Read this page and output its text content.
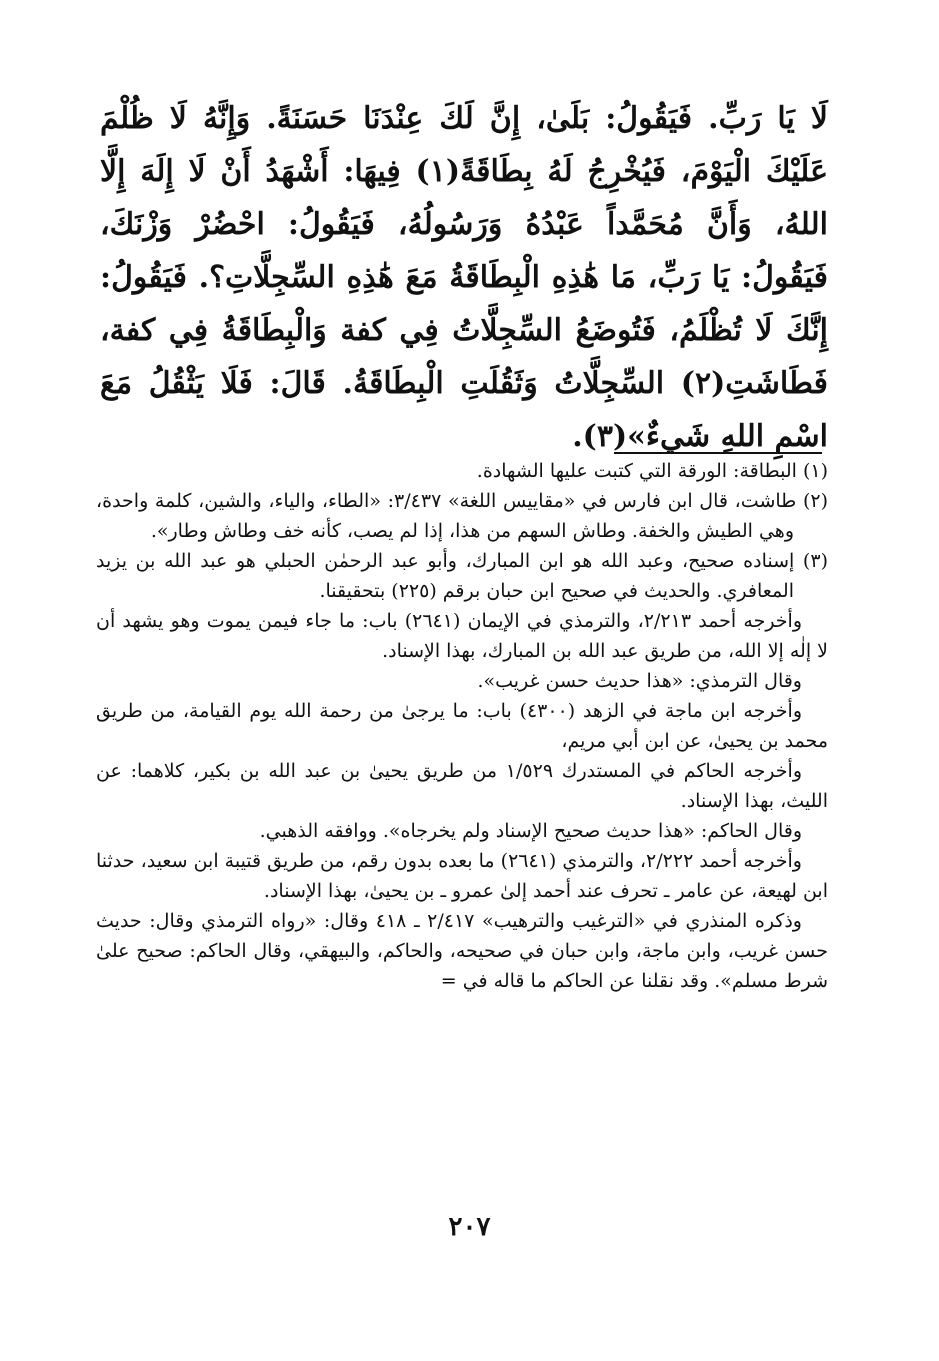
لَا يَا رَبِّ. فَيَقُولُ: بَلَىٰ، إِنَّ لَكَ عِنْدَنَا حَسَنَةً. وَإِنَّهُ لَا ظُلْمَ عَلَيْكَ الْيَوْمَ، فَيُخْرِجُ لَهُ بِطَاقَةً(١) فِيهَا: أَشْهَدُ أَنْ لَا إِلَهَ إِلَّا اللهُ، وَأَنَّ مُحَمَّداً عَبْدُهُ وَرَسُولُهُ، فَيَقُولُ: احْضُرْ وَزْنَكَ، فَيَقُولُ: يَا رَبِّ، مَا هَٰذِهِ الْبِطَاقَةُ مَعَ هَٰذِهِ السِّجِلَّاتِ؟. فَيَقُولُ: إِنَّكَ لَا تُظْلَمُ، فَتُوضَعُ السِّجِلَّاتُ فِي كفة وَالْبِطَاقَةُ فِي كفة، فَطَاشَتِ(٢) السِّجِلَّاتُ وَثَقُلَتِ الْبِطَاقَةُ. قَالَ: فَلَا يَثْقُلُ مَعَ اسْمِ اللهِ شَيءٌ»(٣).

(١) البطاقة: الورقة التي كتبت عليها الشهادة.

(٢) طاشت، قال ابن فارس في «مقاييس اللغة» ٣/٤٣٧: «الطاء، والياء، والشين، كلمة واحدة، وهي الطيش والخفة. وطاش السهم من هذا، إذا لم يصب، كأنه خف وطاش وطار».

(٣) إسناده صحيح، وعبد الله هو ابن المبارك، وأبو عبد الرحمٰن الحبلي هو عبد الله بن يزيد المعافري. والحديث في صحيح ابن حبان برقم (٢٢٥) بتحقيقنا.

وأخرجه أحمد ٢/٢١٣، والترمذي في الإيمان (٢٦٤١) باب: ما جاء فيمن يموت وهو يشهد أن لا إلٰه إلا الله، من طريق عبد الله بن المبارك، بهذا الإسناد.

وقال الترمذي: «هذا حديث حسن غريب».

وأخرجه ابن ماجة في الزهد (٤٣٠٠) باب: ما يرجىٰ من رحمة الله يوم القيامة، من طريق محمد بن يحيىٰ، عن ابن أبي مريم،

وأخرجه الحاكم في المستدرك ١/٥٢٩ من طريق يحيىٰ بن عبد الله بن بكير، كلاهما: عن الليث، بهذا الإسناد.

وقال الحاكم: «هذا حديث صحيح الإسناد ولم يخرجاه». ووافقه الذهبي.

وأخرجه أحمد ٢/٢٢٢، والترمذي (٢٦٤١) ما بعده بدون رقم، من طريق قتيبة ابن سعيد، حدثنا ابن لهيعة، عن عامر ـ تحرف عند أحمد إلىٰ عمرو ـ بن يحيىٰ، بهذا الإسناد.

وذكره المنذري في «الترغيب والترهيب» ٢/٤١٧ ـ ٤١٨ وقال: «رواه الترمذي وقال: حديث حسن غريب، وابن ماجة، وابن حبان في صحيحه، والحاكم، والبيهقي، وقال الحاكم: صحيح علىٰ شرط مسلم». وقد نقلنا عن الحاكم ما قاله في =

٢٠٧
